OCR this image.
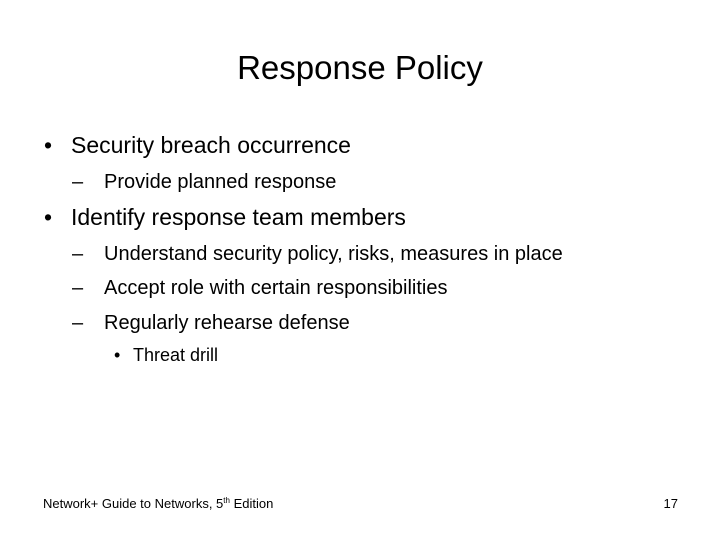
Response Policy
• Security breach occurrence
– Provide planned response
• Identify response team members
– Understand security policy, risks, measures in place
– Accept role with certain responsibilities
– Regularly rehearse defense
• Threat drill
Network+ Guide to Networks, 5th Edition	17
